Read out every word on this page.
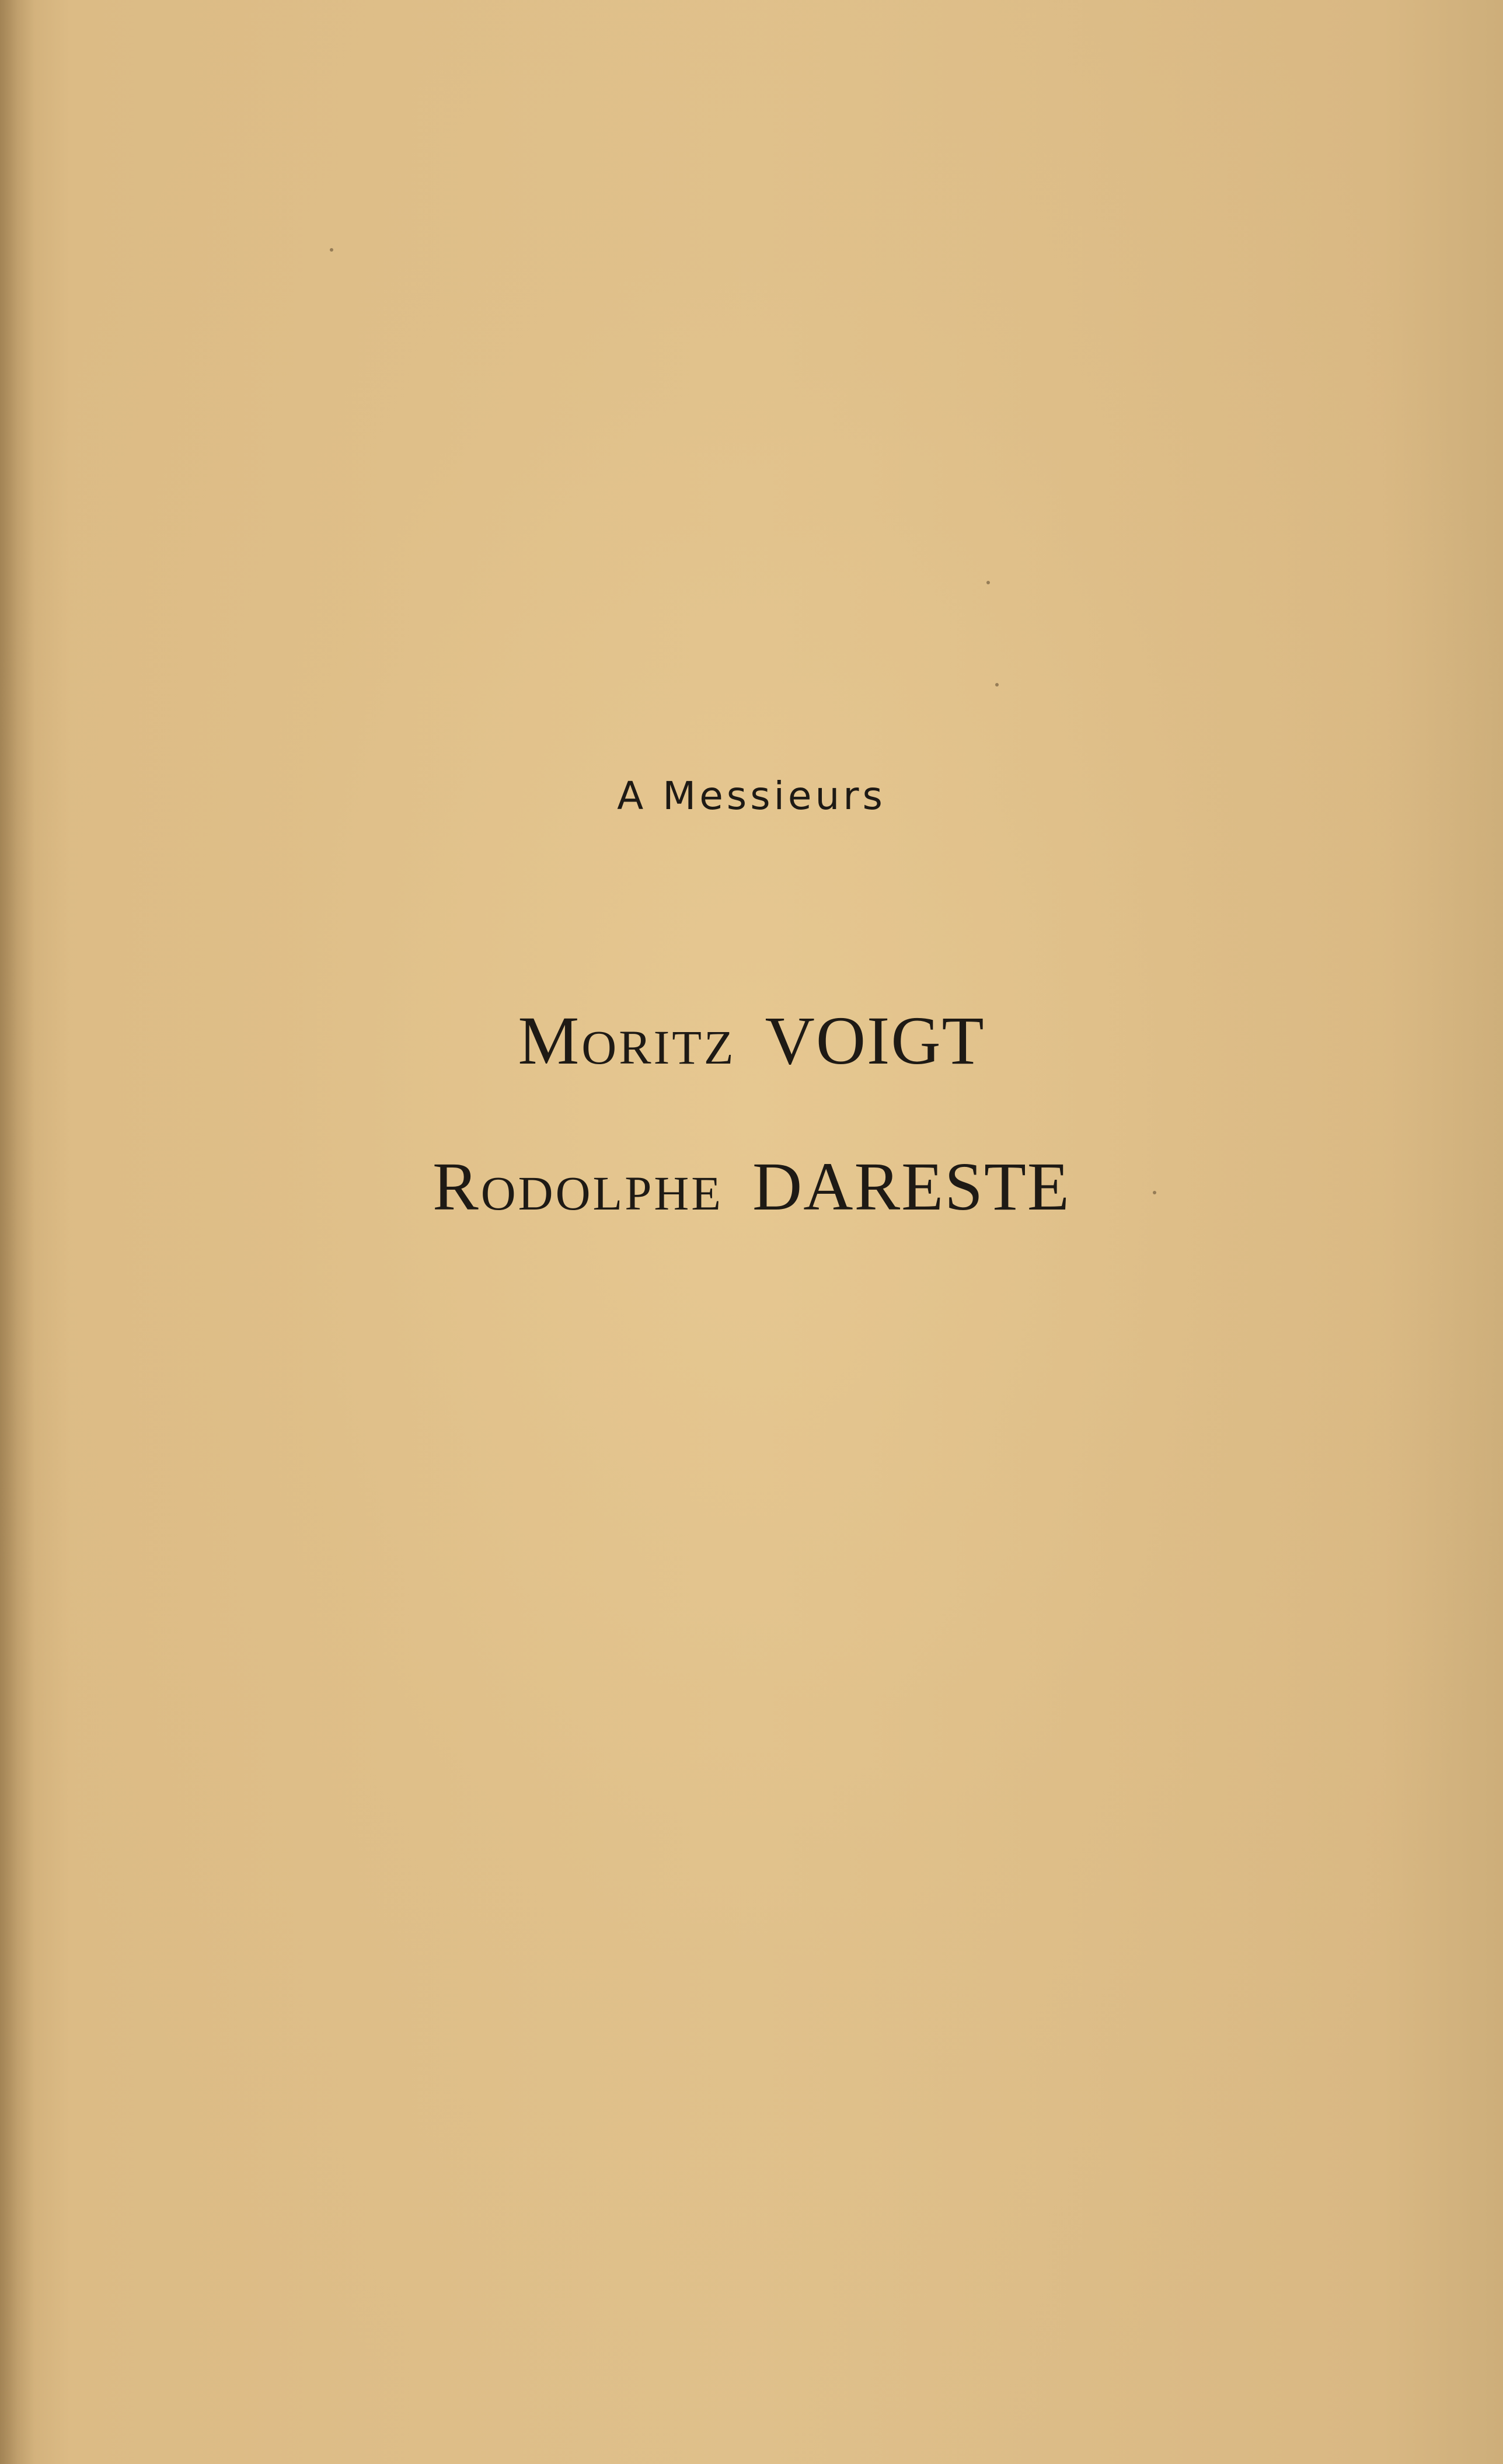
A Messieurs
Moritz VOIGT
Rodolphe DARESTE
